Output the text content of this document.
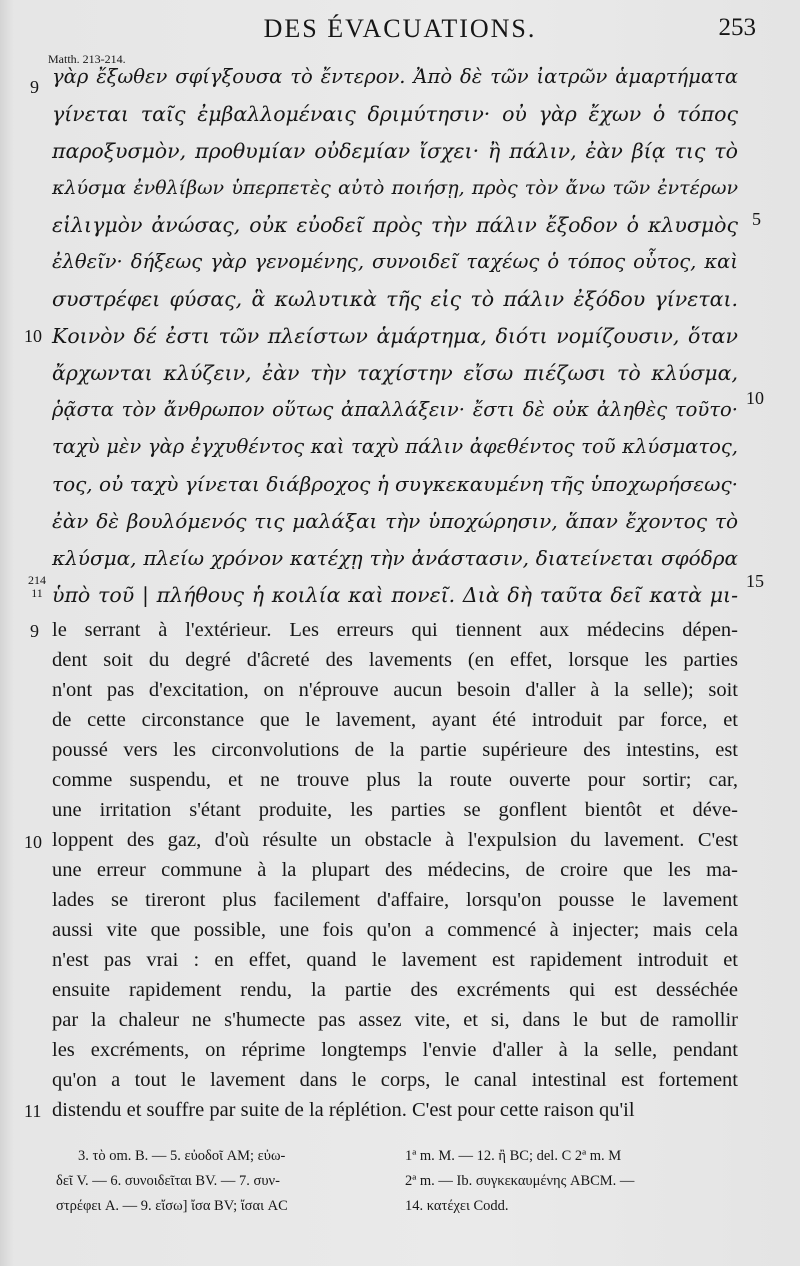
DES ÉVACUATIONS.	253
Matth. 213-214.
γὰρ ἔξωθεν σφίγξουσα τὸ ἔντερον. Ἀπὸ δὲ τῶν ἰατρῶν ἁμαρτήματα
γίνεται ταῖς ἐμβαλλομέναις δριμύτησιν· οὐ γὰρ ἔχων ὁ τόπος
παροξυσμὸν, προθυμίαν οὐδεμίαν ἴσχει· ἢ πάλιν, ἐὰν βίᾳ τις τὸ
κλύσμα ἐνθλίβων ὑπερπετὲς αὐτὸ ποιήσῃ, πρὸς τὸν ἄνω τῶν ἐντέρων
εἱλιγμὸν ἀνώσας, οὐκ εὐοδεῖ πρὸς τὴν πάλιν ἔξοδον ὁ κλυσμὸς
ἐλθεῖν· δήξεως γὰρ γενομένης, συνοιδεῖ ταχέως ὁ τόπος οὗτος, καὶ
συστρέφει φύσας, ἃ κωλυτικὰ τῆς εἰς τὸ πάλιν ἐξόδου γίνεται.
Κοινὸν δέ ἐστι τῶν πλείστων ἁμάρτημα, διότι νομίζουσιν, ὅταν
ἄρχωνται κλύζειν, ἐὰν τὴν ταχίστην εἴσω πιέζωσι τὸ κλύσμα,
ῥᾷστα τὸν ἄνθρωπον οὕτως ἀπαλλάξειν· ἔστι δὲ οὐκ ἀληθὲς τοῦτο·
ταχὺ μὲν γὰρ ἐγχυθέντος καὶ ταχὺ πάλιν ἀφεθέντος τοῦ κλύσματος,
τος, οὐ ταχὺ γίνεται διάβροχος ἡ συγκεκαυμένη τῆς ὑποχωρήσεως·
ἐὰν δὲ βουλόμενός τις μαλάξαι τὴν ὑποχώρησιν, ἅπαν ἔχοντος τὸ
κλύσμα, πλείω χρόνον κατέχῃ τὴν ἀνάστασιν, διατείνεται σφόδρα
ὑπὸ τοῦ | πλήθους ἡ κοιλία καὶ πονεῖ. Διὰ δὴ ταῦτα δεῖ κατὰ μι-
9
5
10
10
214
11
15
le serrant à l'extérieur. Les erreurs qui tiennent aux médecins dépen-
dent soit du degré d'âcreté des lavements (en effet, lorsque les parties
n'ont pas d'excitation, on n'éprouve aucun besoin d'aller à la selle); soit
de cette circonstance que le lavement, ayant été introduit par force, et
poussé vers les circonvolutions de la partie supérieure des intestins, est
comme suspendu, et ne trouve plus la route ouverte pour sortir; car,
une irritation s'étant produite, les parties se gonflent bientôt et déve-
loppent des gaz, d'où résulte un obstacle à l'expulsion du lavement. C'est
une erreur commune à la plupart des médecins, de croire que les ma-
lades se tireront plus facilement d'affaire, lorsqu'on pousse le lavement
aussi vite que possible, une fois qu'on a commencé à injecter; mais cela
n'est pas vrai : en effet, quand le lavement est rapidement introduit et
ensuite rapidement rendu, la partie des excréments qui est desséchée
par la chaleur ne s'humecte pas assez vite, et si, dans le but de ramollir
les excréments, on réprime longtemps l'envie d'aller à la selle, pendant
qu'on a tout le lavement dans le corps, le canal intestinal est fortement
distendu et souffre par suite de la réplétion. C'est pour cette raison qu'il
9
10
11
3. τὸ om. B. — 5. εὐοδοῖ AM; εὐω-
δεῖ V. — 6. συνοιδεῖται BV. — 7. συν-
στρέφει A. — 9. εἴσω] ἴσα BV; ἴσαι AC
1ª m. M. — 12. ἢ BC; del. C 2ª m. M
2ª m. — Ib. συγκεκαυμένης ABCM. —
14. κατέχει Codd.
